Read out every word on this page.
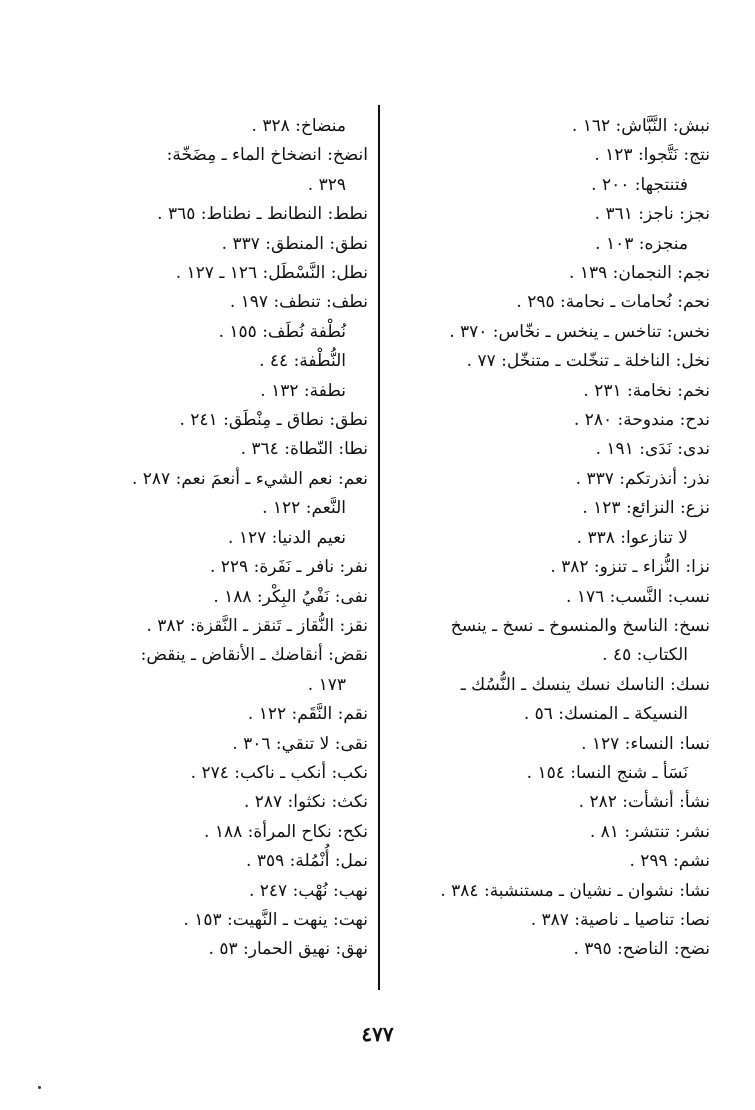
نبش: النَّبَّاش: ١٦٢ .
نتج: نَتَّجوا: ١٢٣ .
فتنتجها: ٢٠٠ .
نجز: ناجز: ٣٦١ .
منجزه: ١٠٣ .
نجم: النجمان: ١٣٩ .
نحم: نُحامات ـ نحامة: ٢٩٥ .
نخس: تناخس ـ ينخس ـ نخّاس: ٣٧٠ .
نخل: الناخلة ـ تنخّلت ـ متنخّل: ٧٧ .
نخم: نخامة: ٢٣١ .
ندح: مندوحة: ٢٨٠ .
ندى: نَدَى: ١٩١ .
نذر: أنذرتكم: ٣٣٧ .
نزع: النزائع: ١٢٣ .
لا تنازعوا: ٣٣٨ .
نزا: النُّزاء ـ تنزو: ٣٨٢ .
نسب: النَّسب: ١٧٦ .
نسخ: الناسخ والمنسوخ ـ نسخ ـ ينسخ
الكتاب: ٤٥ .
نسك: الناسك نسك ينسك ـ النُّسُك ـ
النسيكة ـ المنسك: ٥٦ .
نسا: النساء: ١٢٧ .
نَسَأ ـ شنج النسا: ١٥٤ .
نشأ: أنشأت: ٢٨٢ .
نشر: تنتشر: ٨١ .
نشم: ٢٩٩ .
نشا: نشوان ـ نشيان ـ مستنشبة: ٣٨٤ .
نصا: تناصيا ـ ناصية: ٣٨٧ .
نضح: الناضح: ٣٩٥ .
منضاخ: ٣٢٨ .
انضخ: انضخاخ الماء ـ مِضَخّة:
٣٢٩ .
نطط: النطانط ـ نطناط: ٣٦٥ .
نطق: المنطق: ٣٣٧ .
نطل: النَّسْطَل: ١٢٦ ـ ١٢٧ .
نطف: تنطف: ١٩٧ .
نُطْفة نُطَف: ١٥٥ .
النُّطْفة: ٤٤ .
نطفة: ١٣٢ .
نطق: نطاق ـ مِنْطَق: ٢٤١ .
نطا: النّطاة: ٣٦٤ .
نعم: نعم الشيء ـ أنعمَ نعم: ٢٨٧ .
النَّعم: ١٢٢ .
نعيم الدنيا: ١٢٧ .
نفر: نافر ـ نَفَرة: ٢٢٩ .
نفى: نَفْيُ البِكْر: ١٨٨ .
نقز: النُّقاز ـ تَنقز ـ النَّقزة: ٣٨٢ .
نقض: أنقاضك ـ الأنقاض ـ ينقض:
١٧٣ .
نقم: النَّقَم: ١٢٢ .
نقى: لا تنقي: ٣٠٦ .
نكب: أنكب ـ ناكب: ٢٧٤ .
نكث: نكثوا: ٢٨٧ .
نكح: نكاح المرأة: ١٨٨ .
نمل: أُنْمُلة: ٣٥٩ .
نهب: نُهْب: ٢٤٧ .
نهت: ينهت ـ النَّهيت: ١٥٣ .
نهق: نهيق الحمار: ٥٣ .
٤٧٧
